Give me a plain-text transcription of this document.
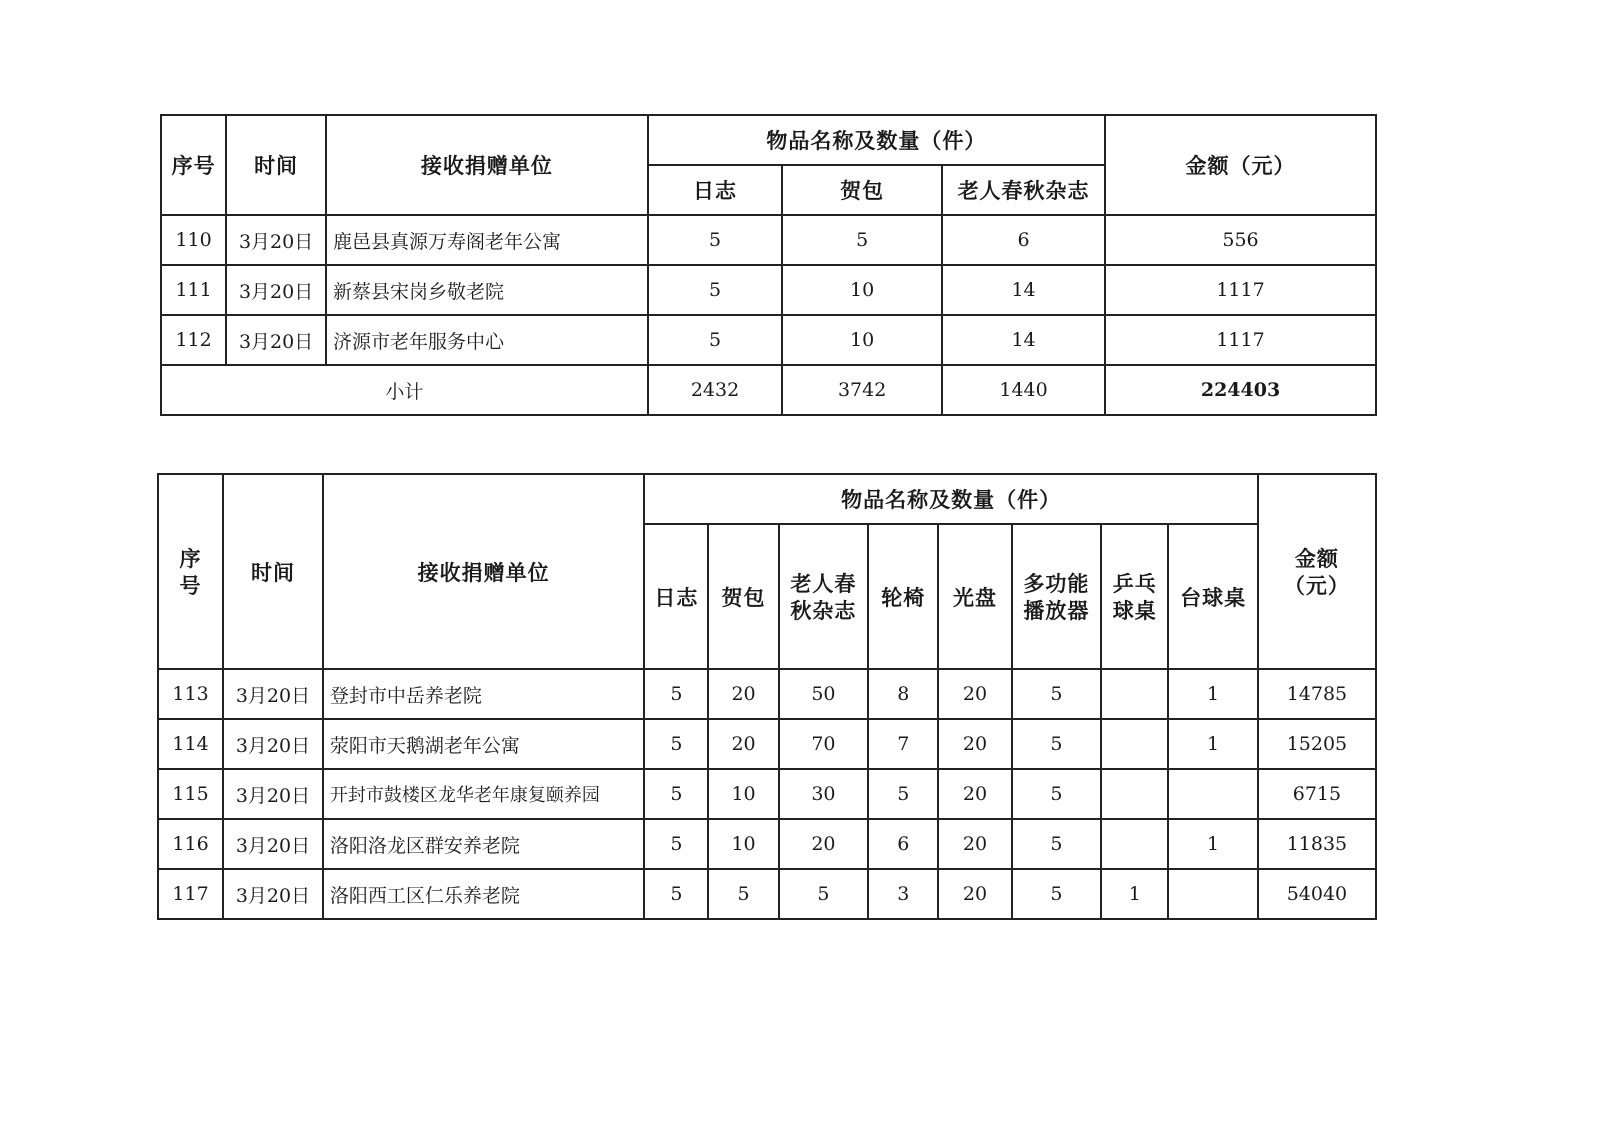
序号	时间	接收捐赠单位	物品名称及数量（件）			金额（元）
			日志	贺包	老人春秋杂志	
110	3月20日	鹿邑县真源万寿阁老年公寓	5	5	6	556
111	3月20日	新蔡县宋岗乡敬老院	5	10	14	1117
112	3月20日	济源市老年服务中心	5	10	14	1117
小计			2432	3742	1440	224403
序号	时间	接收捐赠单位	物品名称及数量（件）								金额（元）
			日志	贺包	老人春秋杂志	轮椅	光盘	多功能播放器	乒乓球桌	台球桌	
113	3月20日	登封市中岳养老院	5	20	50	8	20	5		1	14785
114	3月20日	荥阳市天鹅湖老年公寓	5	20	70	7	20	5		1	15205
115	3月20日	开封市鼓楼区龙华老年康复颐养园	5	10	30	5	20	5			6715
116	3月20日	洛阳洛龙区群安养老院	5	10	20	6	20	5		1	11835
117	3月20日	洛阳西工区仁乐养老院	5	5	5	3	20	5	1		54040
